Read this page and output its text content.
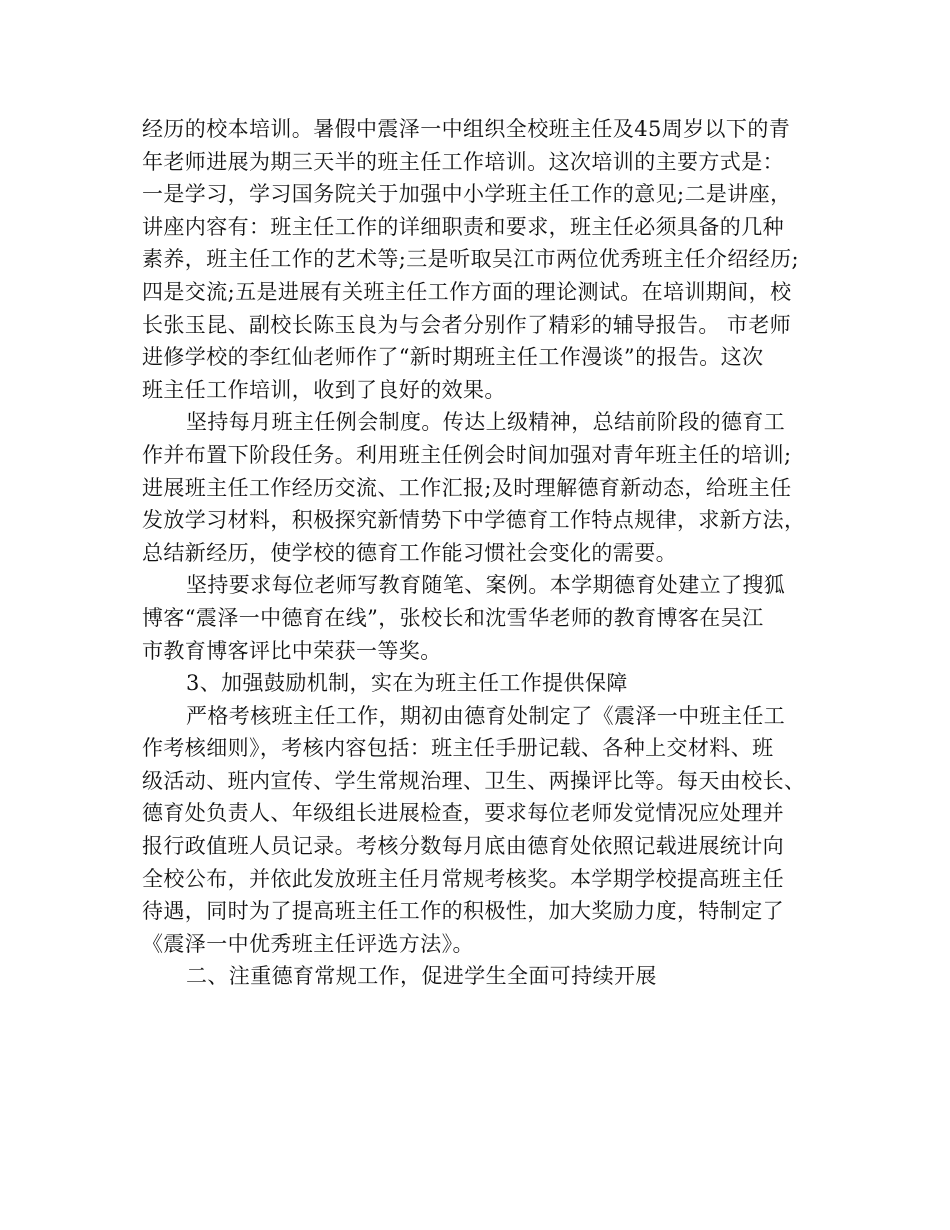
经历的校本培训。暑假中震泽一中组织全校班主任及45周岁以下的青
年老师进展为期三天半的班主任工作培训。这次培训的主要方式是：
一是学习，学习国务院关于加强中小学班主任工作的意见;二是讲座，
讲座内容有：班主任工作的详细职责和要求，班主任必须具备的几种
素养，班主任工作的艺术等;三是听取吴江市两位优秀班主任介绍经历;
四是交流;五是进展有关班主任工作方面的理论测试。在培训期间，校
长张玉昆、副校长陈玉良为与会者分别作了精彩的辅导报告。 市老师
进修学校的李红仙老师作了“新时期班主任工作漫谈”的报告。这次
班主任工作培训，收到了良好的效果。
坚持每月班主任例会制度。传达上级精神，总结前阶段的德育工
作并布置下阶段任务。利用班主任例会时间加强对青年班主任的培训;
进展班主任工作经历交流、工作汇报;及时理解德育新动态，给班主任
发放学习材料，积极探究新情势下中学德育工作特点规律，求新方法，
总结新经历，使学校的德育工作能习惯社会变化的需要。
坚持要求每位老师写教育随笔、案例。本学期德育处建立了搜狐
博客“震泽一中德育在线”，张校长和沈雪华老师的教育博客在吴江
市教育博客评比中荣获一等奖。
3、加强鼓励机制，实在为班主任工作提供保障
严格考核班主任工作，期初由德育处制定了《震泽一中班主任工
作考核细则》，考核内容包括：班主任手册记载、各种上交材料、班
级活动、班内宣传、学生常规治理、卫生、两操评比等。每天由校长、
德育处负责人、年级组长进展检查，要求每位老师发觉情况应处理并
报行政值班人员记录。考核分数每月底由德育处依照记载进展统计向
全校公布，并依此发放班主任月常规考核奖。本学期学校提高班主任
待遇，同时为了提高班主任工作的积极性，加大奖励力度，特制定了
《震泽一中优秀班主任评选方法》。
二、注重德育常规工作，促进学生全面可持续开展
